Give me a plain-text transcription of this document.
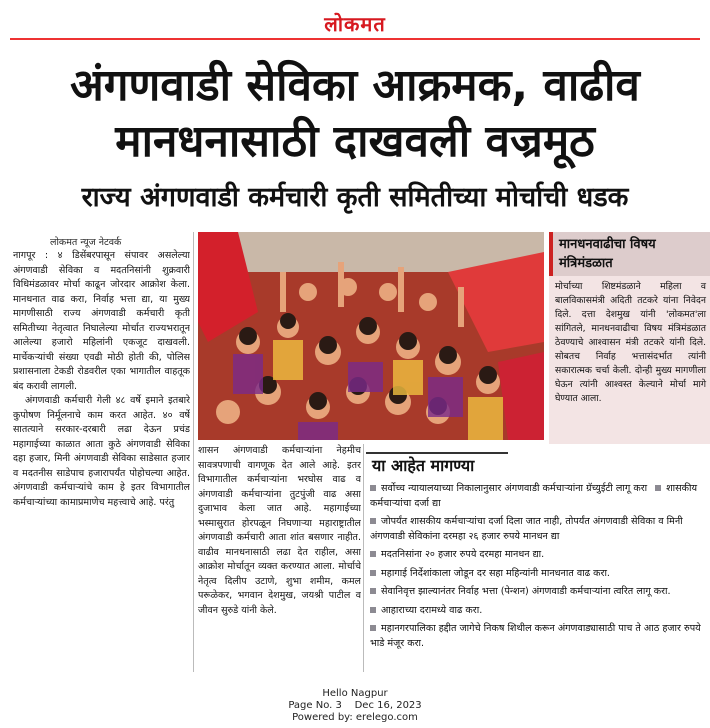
लोकमत
अंगणवाडी सेविका आक्रमक, वाढीव
मानधनासाठी दाखवली वज्रमूठ
राज्य अंगणवाडी कर्मचारी कृती समितीच्या मोर्चाची धडक
लोकमत न्यूज नेटवर्क

नागपूर : ४ डिसेंबरपासून संपावर असलेल्या अंगणवाडी सेविका व मदतनिसांनी शुक्रवारी विधिमंडळावर मोर्चा काढून जोरदार आक्रोश केला. मानधनात वाढ करा, निर्वाह भत्ता द्या, या मुख्य मागणीसाठी राज्य अंगणवाडी कर्मचारी कृती समितीच्या नेतृत्वात निघालेल्या मोर्चात राज्यभरातून आलेल्या हजारो महिलांनी एकजूट दाखवली. मार्चेकऱ्यांची संख्या एवढी मोठी होती की, पोलिस प्रशासनाला टेकडी रोडवरील एका भागातील वाहतूक बंद करावी लागली.

अंगणवाडी कर्मचारी गेली ४८ वर्षे इमाने इतबारे कुपोषण निर्मूलनाचे काम करत आहेत. ४० वर्षे सातत्याने सरकार-दरबारी लढा देऊन प्रचंड महागाईच्या काळात आता कुठे अंगणवाडी सेविका दहा हजार, मिनी अंगणवाडी सेविका साडेसात हजार व मदतनीस साडेपाच हजारापर्यंत पोहोचल्या आहेत. अंगणवाडी कर्मचाऱ्यांचे काम हे इतर विभागातील कर्मचाऱ्यांच्या कामाप्रमाणेच महत्त्वाचे आहे. परंतु

मानधनवाढीचा विषय मंत्रिमंडळात
मोर्चाच्या शिष्टमंडळाने महिला व बालविकासमंत्री अदिती तटकरे यांना निवेदन दिले. दत्ता देशमुख यांनी 'लोकमत'ला सांगितले, मानधनवाढीचा विषय मंत्रिमंडळात ठेवण्याचे आश्वासन मंत्री तटकरे यांनी दिले. सोबतच निर्वाह भत्तासंदर्भात त्यांनी सकारात्मक चर्चा केली. दोन्ही मुख्य मागणीला घेऊन त्यांनी आश्वस्त केल्याने मोर्चा मागे घेण्यात आला.

शासन अंगणवाडी कर्मचाऱ्यांना नेहमीच सावत्रपणाची वागणूक देत आले आहे. इतर विभागातील कर्मचाऱ्यांना भरघोस वाढ व अंगणवाडी कर्मचाऱ्यांना तुटपुंजी वाढ असा दुजाभाव केला जात आहे. महागाईच्या भस्मासुरात होरपळून निघणाऱ्या महाराष्ट्रातील अंगणवाडी कर्मचारी आता शांत बसणार नाहीत. वाढीव मानधनासाठी लढा देत राहील, असा आक्रोश मोर्चातून व्यक्त करण्यात आला. मोर्चाचे नेतृत्व दिलीप उटाणे, शुभा शमीम, कमल परूळेकर, भगवान देशमुख, जयश्री पाटील व जीवन सुरुडे यांनी केले.

या आहेत मागण्या
सर्वोच्च न्यायालयाच्या निकालानुसार अंगणवाडी कर्मचाऱ्यांना ग्रॅच्युईटी लागू करा शासकीय कर्मचाऱ्यांचा दर्जा द्या
जोपर्यंत शासकीय कर्मचाऱ्यांचा दर्जा दिला जात नाही, तोपर्यंत अंगणवाडी सेविका व मिनी अंगणवाडी सेविकांना दरमहा २६ हजार रुपये मानधन द्या
मदतनिसांना २० हजार रुपये दरमहा मानधन द्या.
महागाई निर्देशांकाला जोडून दर सहा महिन्यांनी मानधनात वाढ करा.
सेवानिवृत्त झाल्यानंतर निर्वाह भत्ता (पेन्शन) अंगणवाडी कर्मचाऱ्यांना त्वरित लागू करा.
आहाराच्या दरामध्ये वाढ करा.
महानगरपालिका हद्दीत जागेचे निकष शिथील करून अंगणवाड्यासाठी पाच ते आठ हजार रुपये भाडे मंजूर करा.
Hello Nagpur
Page No. 3    Dec 16, 2023
Powered by: erelego.com
